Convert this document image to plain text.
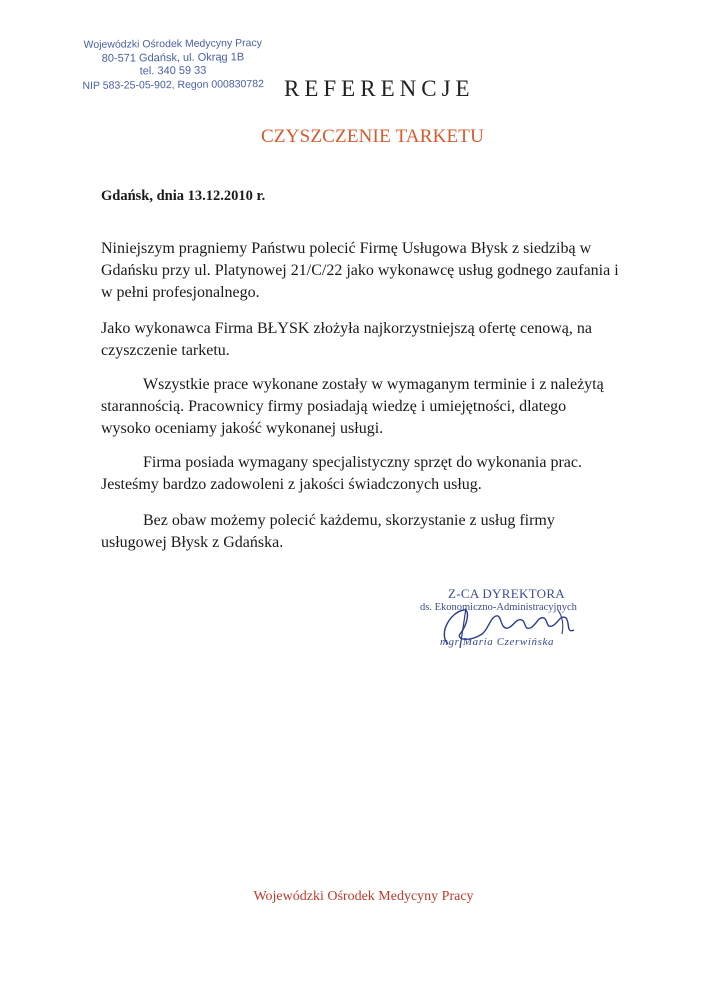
Wojewódzki Ośrodek Medycyny Pracy
80-571 Gdańsk, ul. Okrąg 1B
tel. 340 59 33
NIP 583-25-05-902, Regon 000830782 REFERENCJE
CZYSZCZENIE TARKETU
Gdańsk, dnia 13.12.2010 r.
Niniejszym pragniemy Państwu polecić Firmę Usługowa Błysk z siedzibą w
Gdańsku przy ul. Platynowej 21/C/22 jako wykonawcę usług godnego zaufania i
w pełni profesjonalnego.
Jako wykonawca Firma BŁYSK złożyła najkorzystniejszą ofertę cenową, na
czyszczenie tarketu.
Wszystkie prace wykonane zostały w wymaganym terminie i z należytą
starannością. Pracownicy firmy posiadają wiedzę i umiejętności, dlatego
wysoko oceniamy jakość wykonanej usługi.
Firma posiada wymagany specjalistyczny sprzęt do wykonania prac.
Jesteśmy bardzo zadowoleni z jakości świadczonych usług.
Bez obaw możemy polecić każdemu, skorzystanie z usług firmy
usługowej Błysk z Gdańska.
Z-CA DYREKTORA
ds. Ekonomiczno-Administracyjnych
mgr Maria Czerwińska
Wojewódzki Ośrodek Medycyny Pracy
